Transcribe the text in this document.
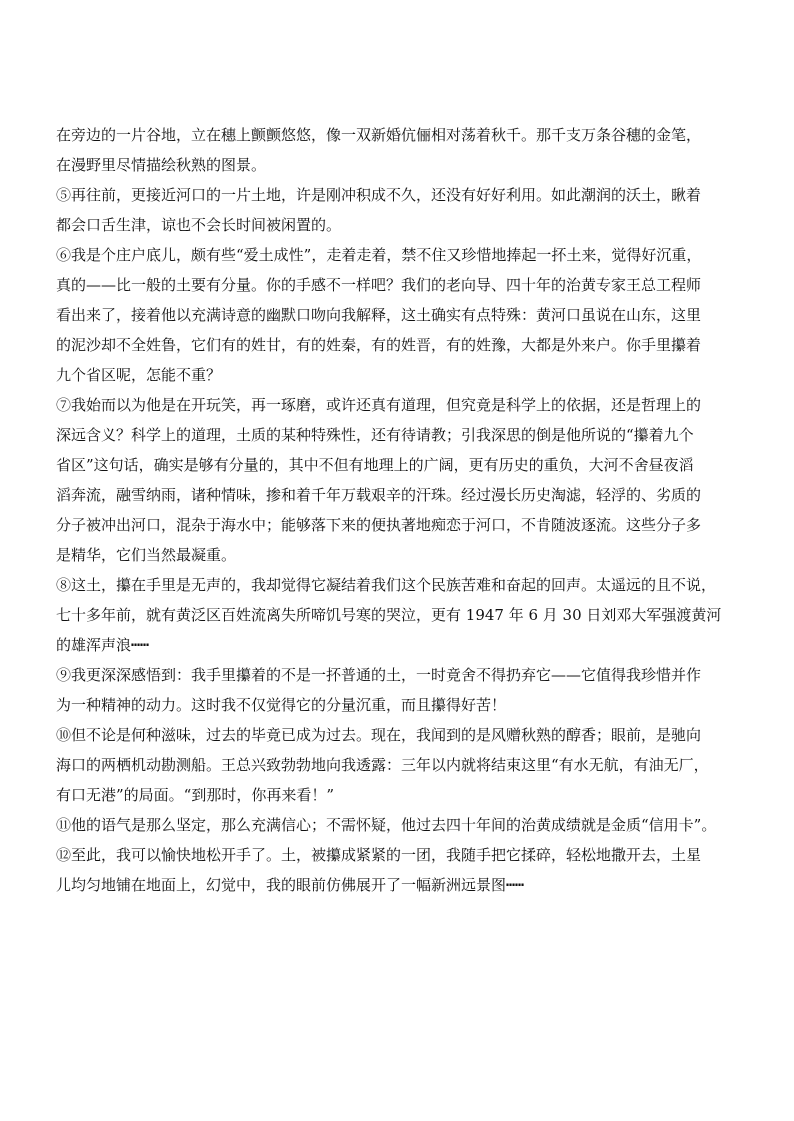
在旁边的一片谷地，立在穗上颤颤悠悠，像一双新婚伉俪相对荡着秋千。那千支万条谷穗的金笔，
在漫野里尽情描绘秋熟的图景。

⑤再往前，更接近河口的一片土地，许是刚冲积成不久，还没有好好利用。如此潮润的沃土，瞅着
都会口舌生津，谅也不会长时间被闲置的。

⑥我是个庄户底儿，颇有些“爱土成性”，走着走着，禁不住又珍惜地捧起一抔土来，觉得好沉重，
真的——比一般的土要有分量。你的手感不一样吧？我们的老向导、四十年的治黄专家王总工程师
看出来了，接着他以充满诗意的幽默口吻向我解释，这土确实有点特殊：黄河口虽说在山东，这里
的泥沙却不全姓鲁，它们有的姓甘，有的姓秦，有的姓晋，有的姓豫，大都是外来户。你手里攥着
九个省区呢，怎能不重？

⑦我始而以为他是在开玩笑，再一琢磨，或许还真有道理，但究竟是科学上的依据，还是哲理上的
深远含义？科学上的道理，土质的某种特殊性，还有待请教；引我深思的倒是他所说的“攥着九个
省区”这句话，确实是够有分量的，其中不但有地理上的广阔，更有历史的重负，大河不舍昼夜滔
滔奔流，融雪纳雨，诸种情味，掺和着千年万载艰辛的汗珠。经过漫长历史淘滤，轻浮的、劣质的
分子被冲出河口，混杂于海水中；能够落下来的便执著地痴恋于河口，不肯随波逐流。这些分子多
是精华，它们当然最凝重。

⑧这土，攥在手里是无声的，我却觉得它凝结着我们这个民族苦难和奋起的回声。太遥远的且不说，
七十多年前，就有黄泛区百姓流离失所啼饥号寒的哭泣，更有 1947 年 6 月 30 日刘邓大军强渡黄河
的雄浑声浪┅┅

⑨我更深深感悟到：我手里攥着的不是一抔普通的土，一时竟舍不得扔弃它——它值得我珍惜并作
为一种精神的动力。这时我不仅觉得它的分量沉重，而且攥得好苦！

⑩但不论是何种滋味，过去的毕竟已成为过去。现在，我闻到的是风赠秋熟的醇香；眼前，是驰向
海口的两栖机动勘测船。王总兴致勃勃地向我透露：三年以内就将结束这里“有水无航，有油无厂，
有口无港”的局面。“到那时，你再来看！”

⑪他的语气是那么坚定，那么充满信心；不需怀疑，他过去四十年间的治黄成绩就是金质“信用卡”。

⑫至此，我可以愉快地松开手了。土，被攥成紧紧的一团，我随手把它揉碎，轻松地撒开去，土星
儿均匀地铺在地面上，幻觉中，我的眼前仿佛展开了一幅新洲远景图┅┅
